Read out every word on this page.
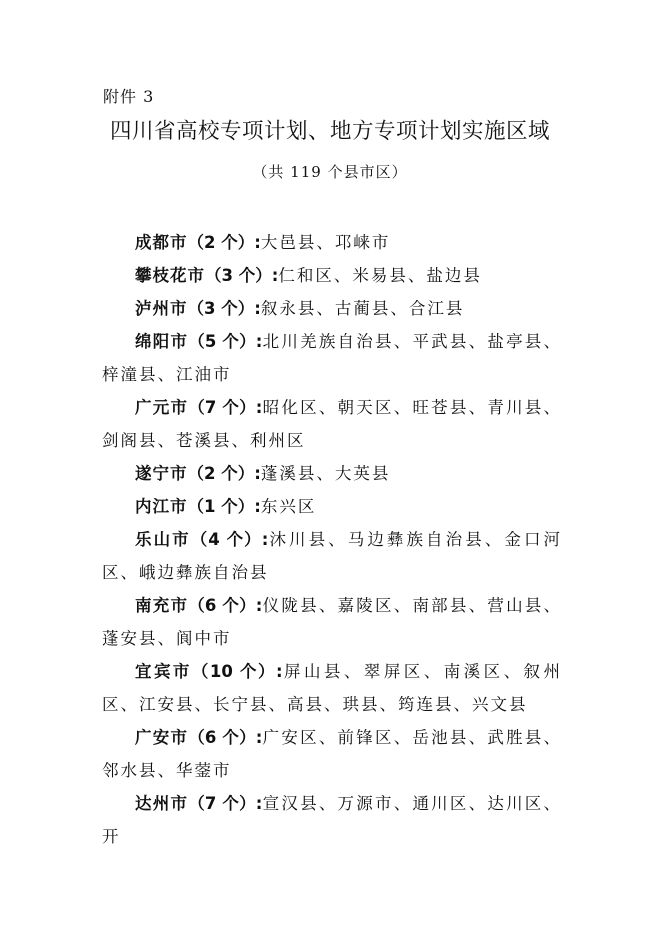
附件 3
四川省高校专项计划、地方专项计划实施区域
（共 119 个县市区）

成都市（2 个）:大邑县、邛崃市

攀枝花市（3 个）:仁和区、米易县、盐边县

泸州市（3 个）:叙永县、古蔺县、合江县

绵阳市（5 个）:北川羌族自治县、平武县、盐亭县、梓潼县、江油市

广元市（7 个）:昭化区、朝天区、旺苍县、青川县、剑阁县、苍溪县、利州区

遂宁市（2 个）:蓬溪县、大英县

内江市（1 个）:东兴区

乐山市（4 个）:沐川县、马边彝族自治县、金口河区、峨边彝族自治县

南充市（6 个）:仪陇县、嘉陵区、南部县、营山县、蓬安县、阆中市

宜宾市（10 个）:屏山县、翠屏区、南溪区、叙州区、江安县、长宁县、高县、珙县、筠连县、兴文县

广安市（6 个）:广安区、前锋区、岳池县、武胜县、邻水县、华蓥市

达州市（7 个）:宣汉县、万源市、通川区、达川区、开
